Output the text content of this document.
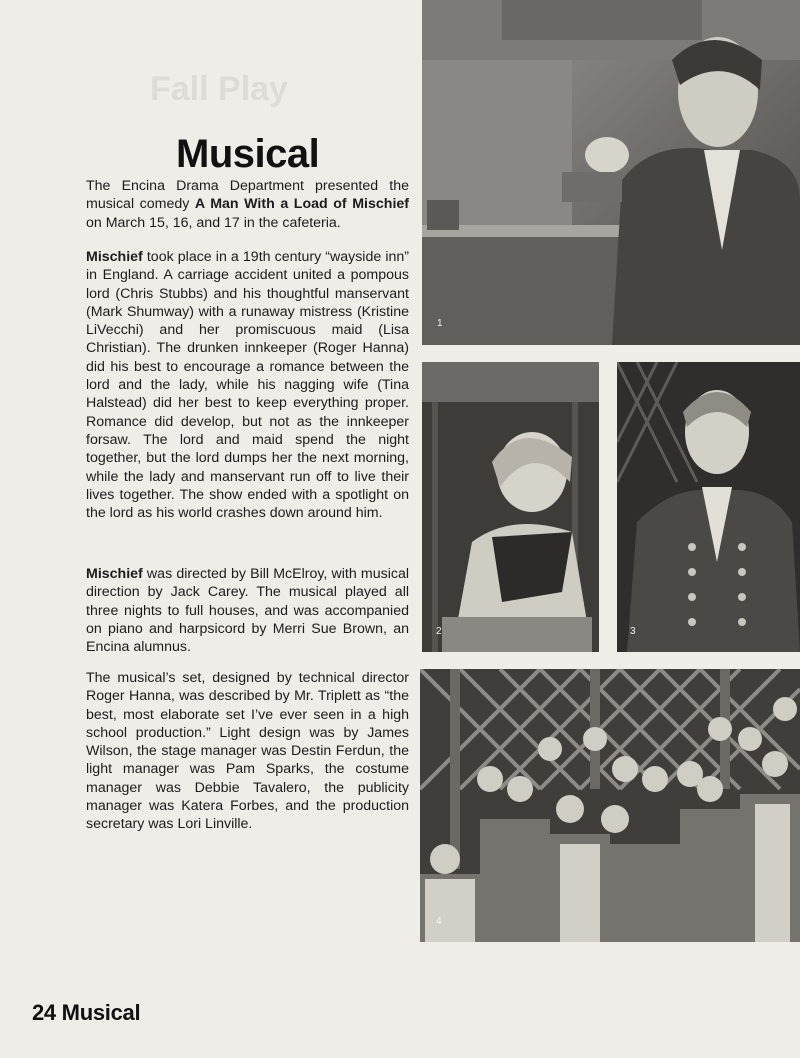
Fall Play
Musical

The Encina Drama Department presented the musical comedy A Man With a Load of Mischief on March 15, 16, and 17 in the cafeteria.

Mischief took place in a 19th century “wayside inn” in England. A carriage accident united a pompous lord (Chris Stubbs) and his thoughtful manservant (Mark Shumway) with a runaway mistress (Kristine LiVecchi) and her promiscuous maid (Lisa Christian). The drunken innkeeper (Roger Hanna) did his best to encourage a romance between the lord and the lady, while his nagging wife (Tina Halstead) did her best to keep everything proper. Romance did develop, but not as the innkeeper forsaw. The lord and maid spend the night together, but the lord dumps her the next morning, while the lady and manservant run off to live their lives together. The show ended with a spotlight on the lord as his world crashes down around him.

Mischief was directed by Bill McElroy, with musical direction by Jack Carey. The musical played all three nights to full houses, and was accompanied on piano and harpsicord by Merri Sue Brown, an Encina alumnus.

The musical’s set, designed by technical director Roger Hanna, was described by Mr. Triplett as “the best, most elaborate set I’ve ever seen in a high school production.” Light design was by James Wilson, the stage manager was Destin Ferdun, the light manager was Pam Sparks, the costume manager was Debbie Tavalero, the publicity manager was Katera Forbes, and the production secretary was Lori Linville.

24 Musical
1
2	3
4
